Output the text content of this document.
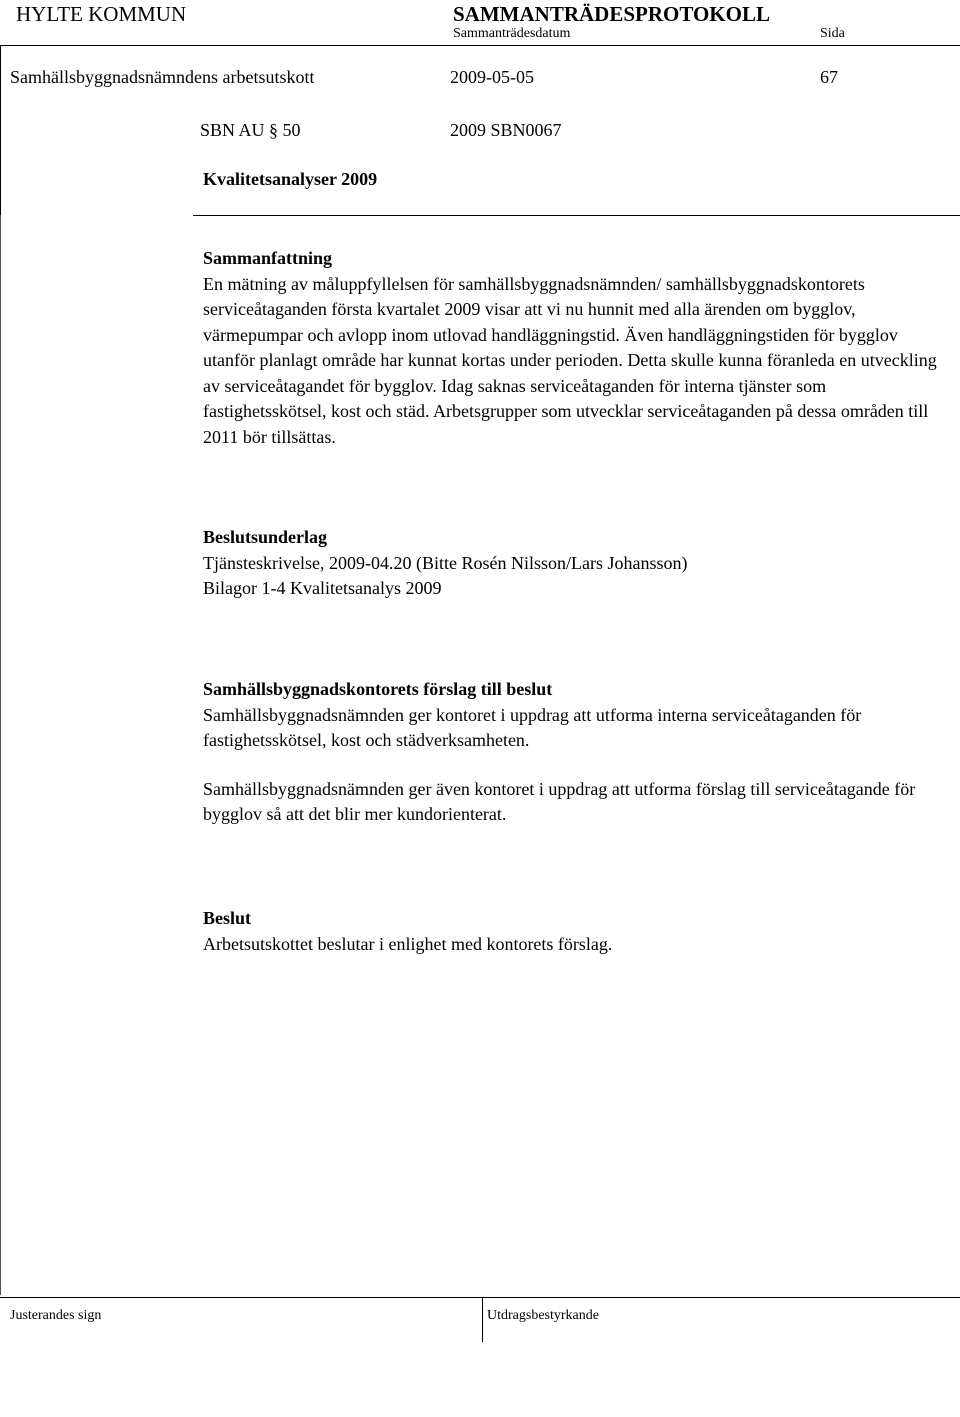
HYLTE KOMMUN	SAMMANTRÄDESPROTOKOLL
Sammanträdesdatum	Sida
Samhällsbyggnadsnämndens arbetsutskott	2009-05-05	67
SBN AU § 50	2009 SBN0067
Kvalitetsanalyser 2009
Sammanfattning

En mätning av måluppfyllelsen för samhällsbyggnadsnämnden/ samhällsbyggnadskontorets serviceåtaganden första kvartalet 2009 visar att vi nu hunnit med alla ärenden om bygglov, värmepumpar och avlopp inom utlovad handläggningstid. Även handläggningstiden för bygglov utanför planlagt område har kunnat kortas under perioden. Detta skulle kunna föranleda en utveckling av serviceåtagandet för bygglov. Idag saknas serviceåtaganden för interna tjänster som fastighetsskötsel, kost och städ. Arbetsgrupper som utvecklar serviceåtaganden på dessa områden till 2011 bör tillsättas.

Beslutsunderlag

Tjänsteskrivelse, 2009-04.20 (Bitte Rosén Nilsson/Lars Johansson)

Bilagor 1-4 Kvalitetsanalys 2009

Samhällsbyggnadskontorets förslag till beslut

Samhällsbyggnadsnämnden ger kontoret i uppdrag att utforma interna serviceåtaganden för fastighetsskötsel, kost och städverksamheten.

Samhällsbyggnadsnämnden ger även kontoret i uppdrag att utforma förslag till serviceåtagande för bygglov så att det blir mer kundorienterat.

Beslut

Arbetsutskottet beslutar i enlighet med kontorets förslag.

Justerandes sign	Utdragsbestyrkande
